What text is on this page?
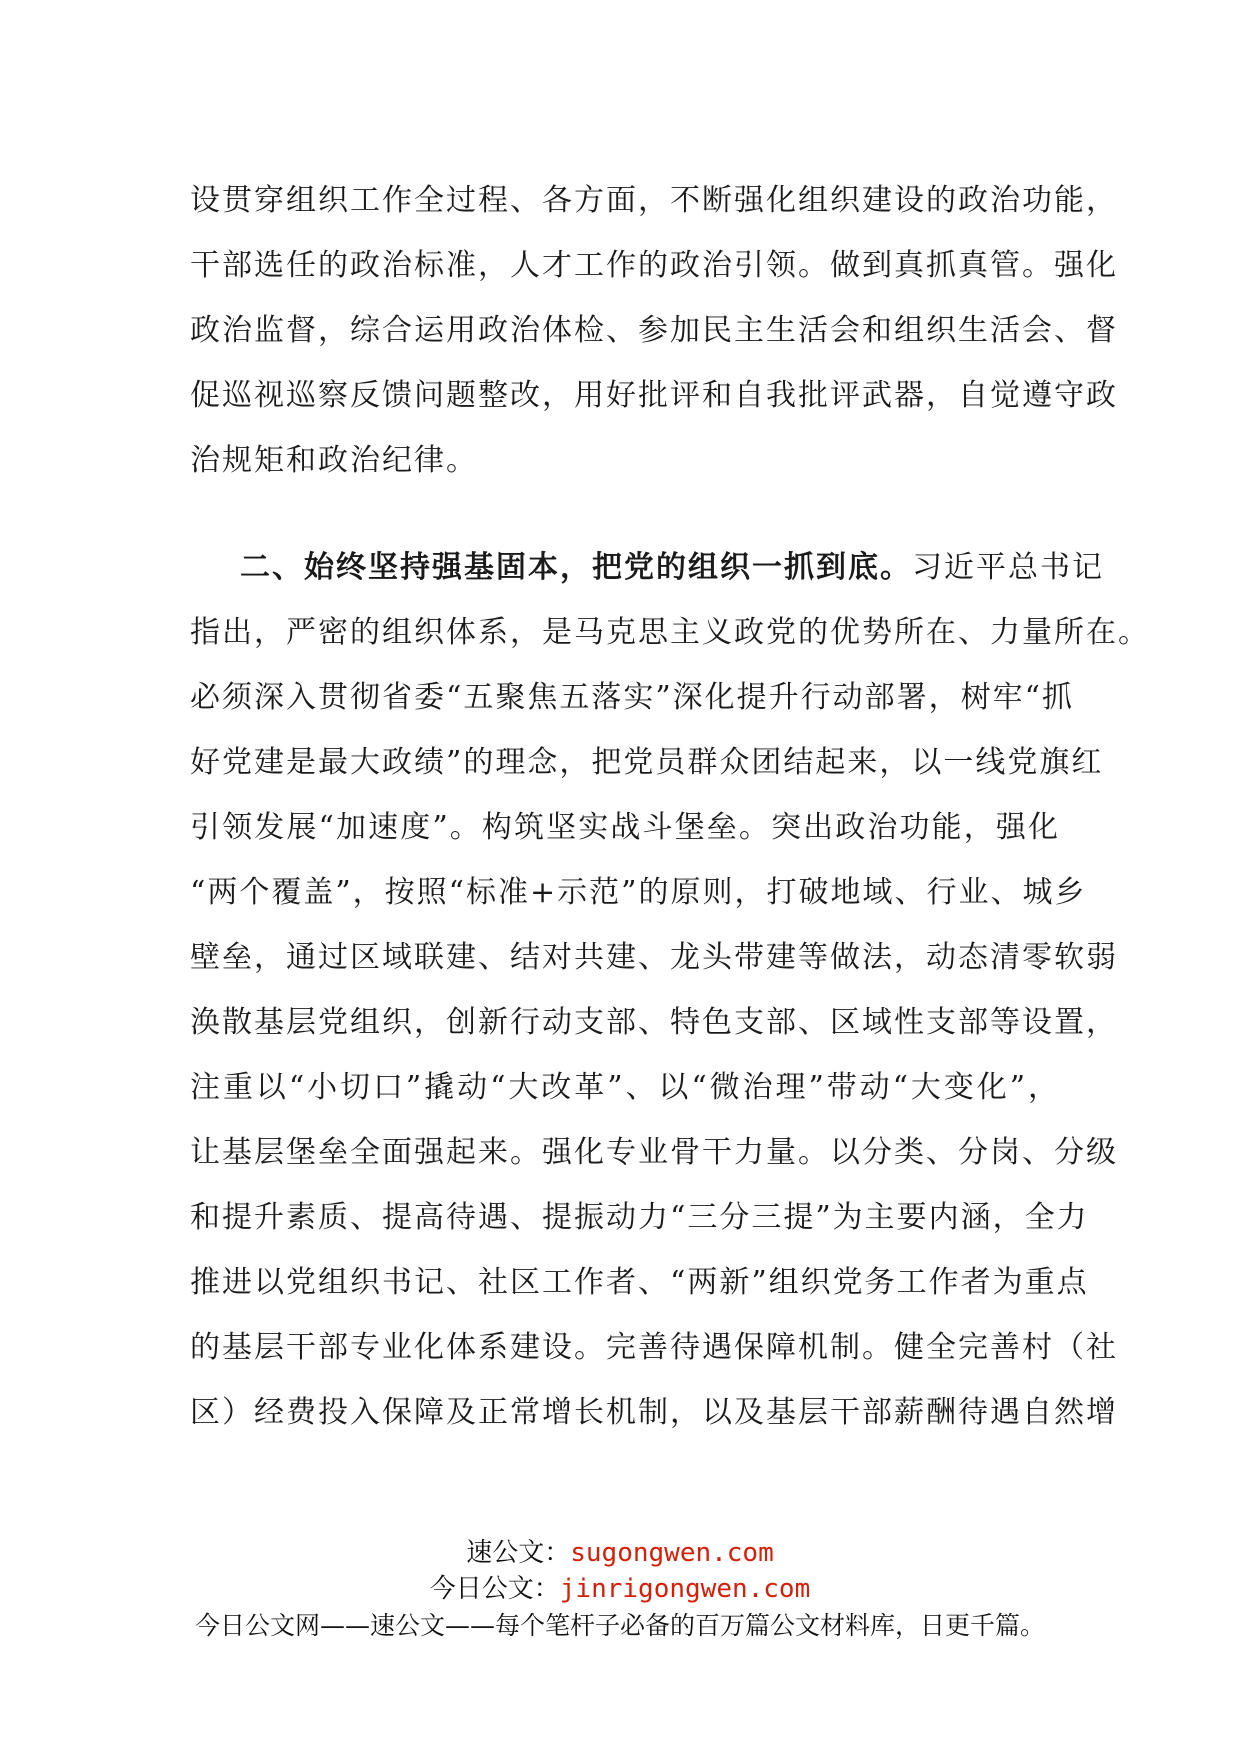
设贯穿组织工作全过程、各方面，不断强化组织建设的政治功能，
干部选任的政治标准，人才工作的政治引领。做到真抓真管。强化
政治监督，综合运用政治体检、参加民主生活会和组织生活会、督
促巡视巡察反馈问题整改，用好批评和自我批评武器，自觉遵守政
治规矩和政治纪律。
二、始终坚持强基固本，把党的组织一抓到底。习近平总书记
指出，严密的组织体系，是马克思主义政党的优势所在、力量所在。
必须深入贯彻省委“五聚焦五落实”深化提升行动部署，树牢“抓
好党建是最大政绩”的理念，把党员群众团结起来，以一线党旗红
引领发展“加速度”。构筑坚实战斗堡垒。突出政治功能，强化
“两个覆盖”，按照“标准+示范”的原则，打破地域、行业、城乡
壁垒，通过区域联建、结对共建、龙头带建等做法，动态清零软弱
涣散基层党组织，创新行动支部、特色支部、区域性支部等设置，
注重以“小切口”撬动“大改革”、以“微治理”带动“大变化”，
让基层堡垒全面强起来。强化专业骨干力量。以分类、分岗、分级
和提升素质、提高待遇、提振动力“三分三提”为主要内涵，全力
推进以党组织书记、社区工作者、“两新”组织党务工作者为重点
的基层干部专业化体系建设。完善待遇保障机制。健全完善村（社
区）经费投入保障及正常增长机制，以及基层干部薪酬待遇自然增
速公文：sugongwen.com
今日公文：jinrigongwen.com
今日公文网——速公文——每个笔杆子必备的百万篇公文材料库，日更千篇。
